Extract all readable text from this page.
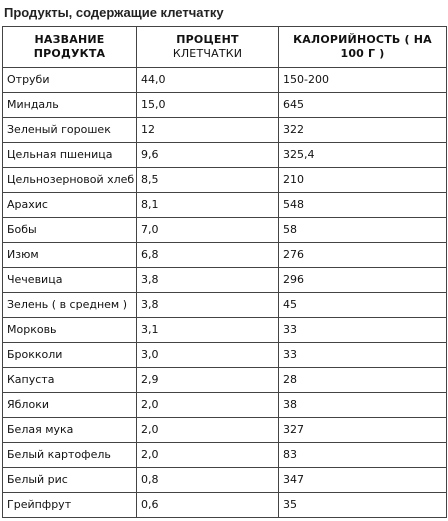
Продукты, содержащие клетчатку
НАЗВАНИЕ ПРОДУКТА	ПРОЦЕНТ КЛЕТЧАТКИ	КАЛОРИЙНОСТЬ ( НА 100 Г )
Отруби	44,0	150-200
Миндаль	15,0	645
Зеленый горошек	12	322
Цельная пшеница	9,6	325,4
Цельнозерновой хлеб	8,5	210
Арахис	8,1	548
Бобы	7,0	58
Изюм	6,8	276
Чечевица	3,8	296
Зелень ( в среднем )	3,8	45
Морковь	3,1	33
Брокколи	3,0	33
Капуста	2,9	28
Яблоки	2,0	38
Белая мука	2,0	327
Белый картофель	2,0	83
Белый рис	0,8	347
Грейпфрут	0,6	35
